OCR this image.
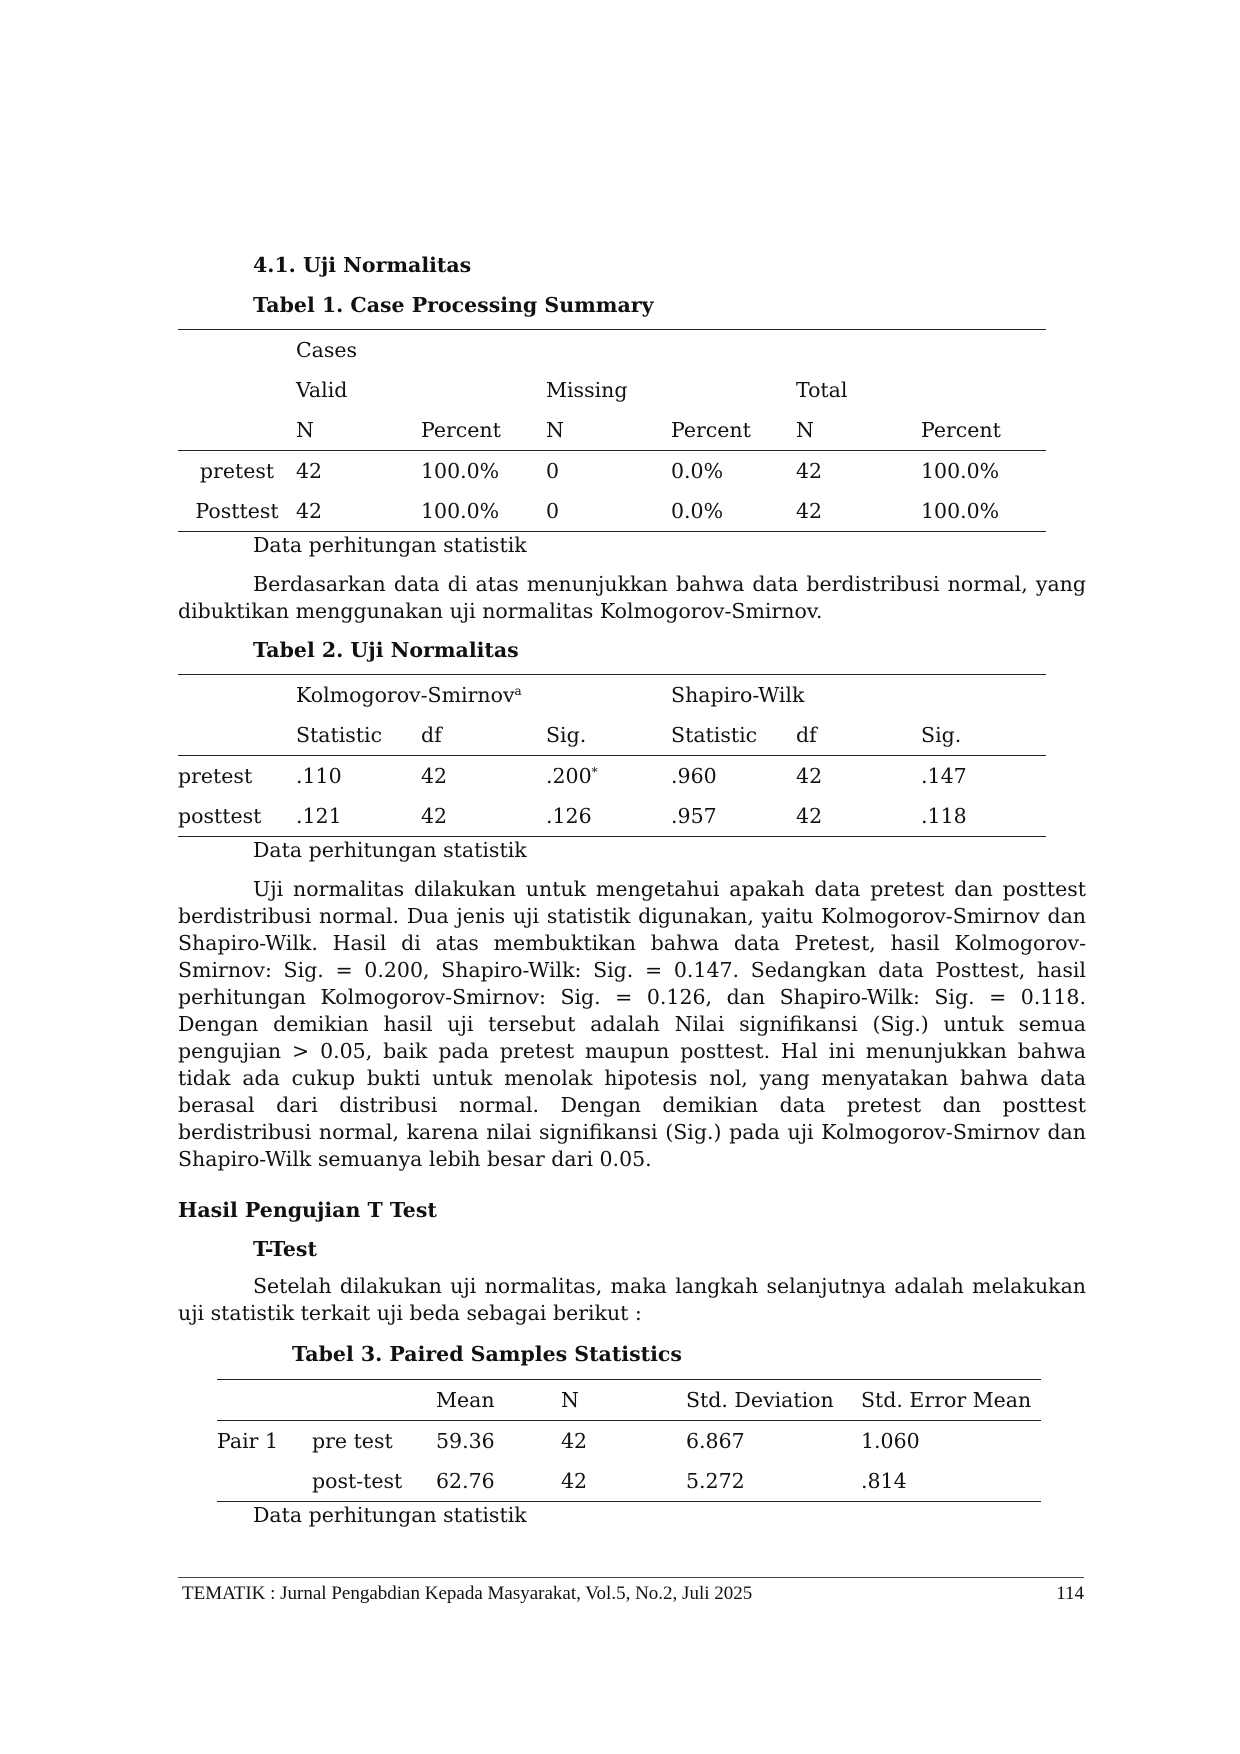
4.1. Uji Normalitas
Tabel 1. Case Processing Summary
	Cases					
	Valid		Missing		Total	
	N	Percent	N	Percent	N	Percent
pretest	42	100.0%	0	0.0%	42	100.0%
Posttest	42	100.0%	0	0.0%	42	100.0%
Data perhitungan statistik
Berdasarkan data di atas menunjukkan bahwa data berdistribusi normal, yang dibuktikan menggunakan uji normalitas Kolmogorov-Smirnov.
Tabel 2. Uji Normalitas
	Kolmogorov-Smirnov$^a$			Shapiro-Wilk		
	Statistic	df	Sig.	Statistic	df	Sig.
pretest	.110	42	.200*	.960	42	.147
posttest	.121	42	.126	.957	42	.118
Data perhitungan statistik
Uji normalitas dilakukan untuk mengetahui apakah data pretest dan posttest berdistribusi normal. Dua jenis uji statistik digunakan, yaitu Kolmogorov-Smirnov dan Shapiro-Wilk. Hasil di atas membuktikan bahwa data Pretest, hasil Kolmogorov-Smirnov: Sig. = 0.200, Shapiro-Wilk: Sig. = 0.147. Sedangkan data Posttest, hasil perhitungan Kolmogorov-Smirnov: Sig. = 0.126, dan Shapiro-Wilk: Sig. = 0.118. Dengan demikian hasil uji tersebut adalah Nilai signifikansi (Sig.) untuk semua pengujian > 0.05, baik pada pretest maupun posttest. Hal ini menunjukkan bahwa tidak ada cukup bukti untuk menolak hipotesis nol, yang menyatakan bahwa data berasal dari distribusi normal. Dengan demikian data pretest dan posttest berdistribusi normal, karena nilai signifikansi (Sig.) pada uji Kolmogorov-Smirnov dan Shapiro-Wilk semuanya lebih besar dari 0.05.
Hasil Pengujian T Test
T-Test
Setelah dilakukan uji normalitas, maka langkah selanjutnya adalah melakukan uji statistik terkait uji beda sebagai berikut :
Tabel 3. Paired Samples Statistics
		Mean	N	Std. Deviation	Std. Error Mean
Pair 1	pre test	59.36	42	6.867	1.060
	post-test	62.76	42	5.272	.814
Data perhitungan statistik
TEMATIK : Jurnal Pengabdian Kepada Masyarakat, Vol.5, No.2, Juli 2025	114
